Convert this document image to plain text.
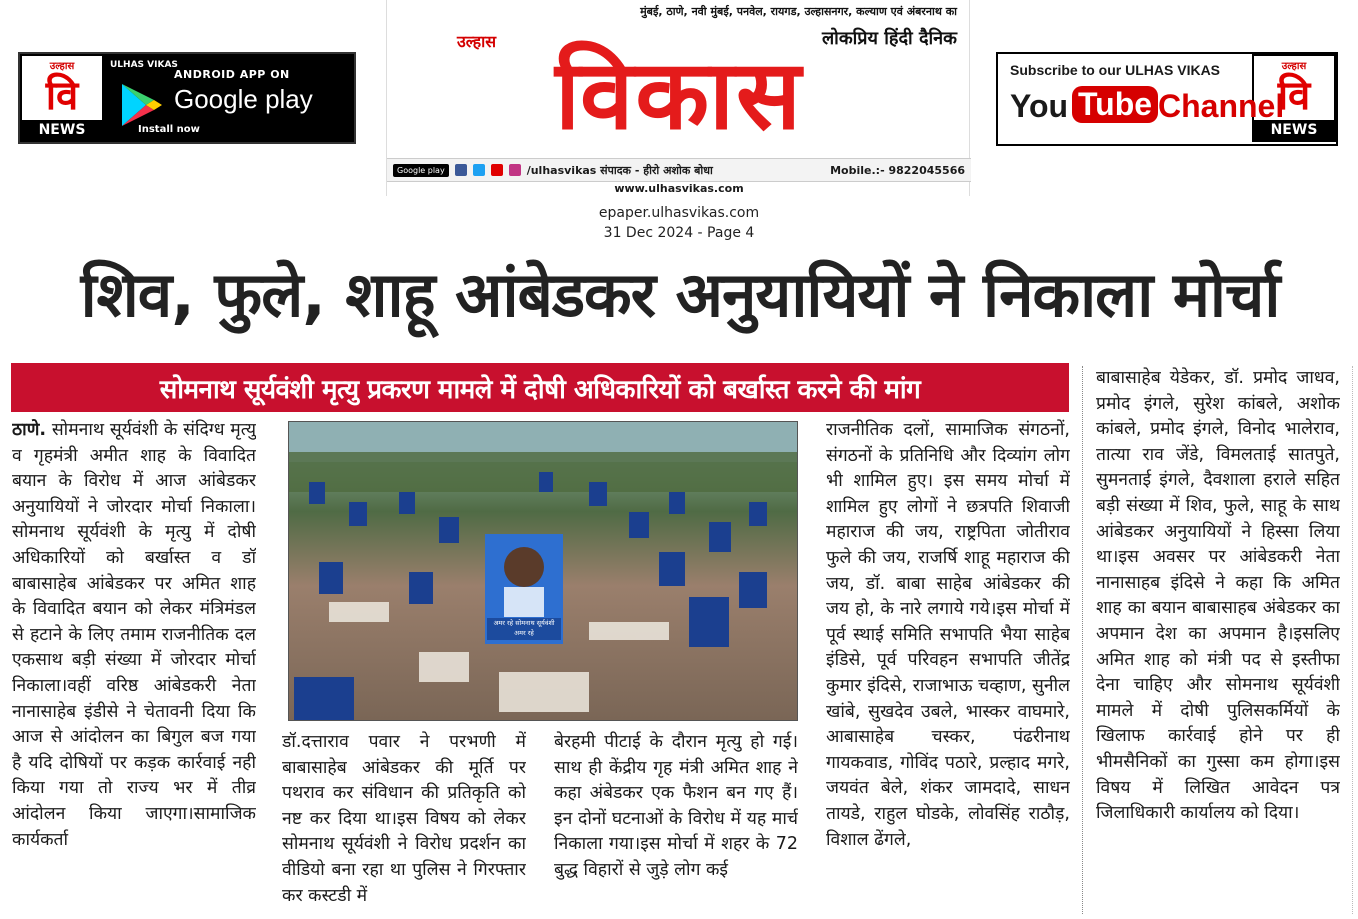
उल्हास
वि
NEWS
ULHAS VIKAS
ANDROID APP ON
Google play
Install now
मुंबई, ठाणे, नवी मुंबई, पनवेल, रायगड, उल्हासनगर, कल्याण एवं अंबरनाथ का
लोकप्रिय हिंदी दैनिक
उल्हास विकास
Google play	/ulhasvikas संपादक - हीरो अशोक बोधा	Mobile.:- 9822045566
www.ulhasvikas.com
Subscribe to our ULHAS VIKAS
You Tube Channel
उल्हास
वि
NEWS
epaper.ulhasvikas.com
31 Dec 2024 - Page 4
शिव, फुले, शाहू आंबेडकर अनुयायियों ने निकाला मोर्चा
सोमनाथ सूर्यवंशी मृत्यु प्रकरण मामले में दोषी अधिकारियों को बर्खास्त करने की मांग
ठाणे. सोमनाथ सूर्यवंशी के संदिग्ध मृत्यु व गृहमंत्री अमीत शाह के विवादित बयान के विरोध में आज आंबेडकर अनुयायियों ने जोरदार मोर्चा निकाला।सोमनाथ सूर्यवंशी के मृत्यु में दोषी अधिकारियों को बर्खास्त व डॉ बाबासाहेब आंबेडकर पर अमित शाह के विवादित बयान को लेकर मंत्रिमंडल से हटाने के लिए तमाम राजनीतिक दल एकसाथ बड़ी संख्या में जोरदार मोर्चा निकाला।वहीं वरिष्ठ आंबेडकरी नेता नानासाहेब इंडीसे ने चेतावनी दिया कि आज से आंदोलन का बिगुल बज गया है यदि दोषियों पर कड़क कार्रवाई नही किया गया तो राज्य भर में तीव्र आंदोलन किया जाएगा।सामाजिक कार्यकर्ता
अमर रहे सोमनाथ सूर्यवंशी अमर रहे
डॉ.दत्ताराव पवार ने परभणी में बाबासाहेब आंबेडकर की मूर्ति पर पथराव कर संविधान की प्रतिकृति को नष्ट कर दिया था।इस विषय को लेकर सोमनाथ सूर्यवंशी ने विरोध प्रदर्शन का वीडियो बना रहा था पुलिस ने गिरफ्तार कर कस्टडी में
बेरहमी पीटाई के दौरान मृत्यु हो गई।साथ ही केंद्रीय गृह मंत्री अमित शाह ने कहा अंबेडकर एक फैशन बन गए हैं।इन दोनों घटनाओं के विरोध में यह मार्च निकाला गया।इस मोर्चा में शहर के 72 बुद्ध विहारों से जुड़े लोग कई
राजनीतिक दलों, सामाजिक संगठनों, संगठनों के प्रतिनिधि और दिव्यांग लोग भी शामिल हुए। इस समय मोर्चा में शामिल हुए लोगों ने छत्रपति शिवाजी महाराज की जय, राष्ट्रपिता जोतीराव फुले की जय, राजर्षि शाहू महाराज की जय, डॉ. बाबा साहेब आंबेडकर की जय हो, के नारे लगाये गये।इस मोर्चा में पूर्व स्थाई समिति सभापति भैया साहेब इंडिसे, पूर्व परिवहन सभापति जीतेंद्र कुमार इंदिसे, राजाभाऊ चव्हाण, सुनील खांबे, सुखदेव उबले, भास्कर वाघमारे, आबासाहेब चस्कर, पंढरीनाथ गायकवाड, गोविंद पठारे, प्रल्हाद मगरे, जयवंत बेले, शंकर जामदादे, साधन तायडे, राहुल घोडके, लोवसिंह राठौड़, विशाल ढेंगले,
बाबासाहेब येडेकर, डॉ. प्रमोद जाधव, प्रमोद इंगले, सुरेश कांबले, अशोक कांबले, प्रमोद इंगले, विनोद भालेराव, तात्या राव जेंडे, विमलताई सातपुते, सुमनताई इंगले, दैवशाला हराले सहित बड़ी संख्या में शिव, फुले, साहू के साथ आंबेडकर अनुयायियों ने हिस्सा लिया था।इस अवसर पर आंबेडकरी नेता नानासाहब इंदिसे ने कहा कि अमित शाह का बयान बाबासाहब अंबेडकर का अपमान देश का अपमान है।इसलिए अमित शाह को मंत्री पद से इस्तीफा देना चाहिए और सोमनाथ सूर्यवंशी मामले में दोषी पुलिसकर्मियों के खिलाफ कार्रवाई होने पर ही भीमसैनिकों का गुस्सा कम होगा।इस विषय में लिखित आवेदन पत्र जिलाधिकारी कार्यालय को दिया।
